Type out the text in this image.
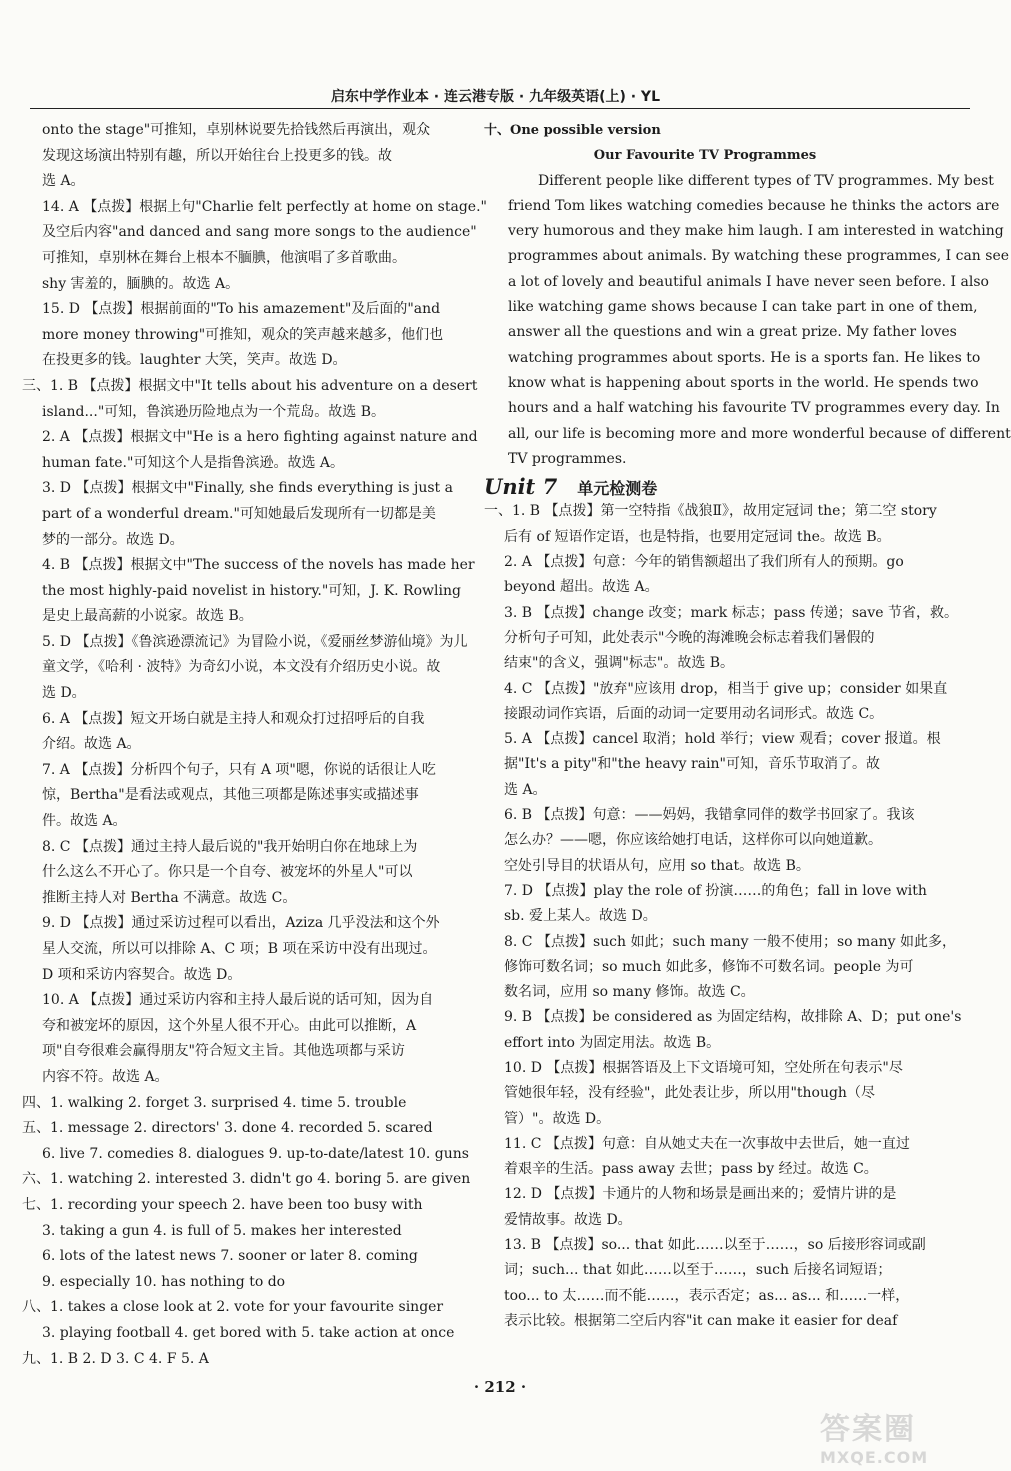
启东中学作业本 · 连云港专版 · 九年级英语(上) · YL
onto the stage"可推知，卓别林说要先拾钱然后再演出，观众
发现这场演出特别有趣，所以开始往台上投更多的钱。故
选 A。
14. A 【点拨】根据上句"Charlie felt perfectly at home on stage."
及空后内容"and danced and sang more songs to the audience"
可推知，卓别林在舞台上根本不腼腆，他演唱了多首歌曲。
shy 害羞的，腼腆的。故选 A。
15. D 【点拨】根据前面的"To his amazement"及后面的"and
more money throwing"可推知，观众的笑声越来越多，他们也
在投更多的钱。laughter 大笑，笑声。故选 D。
三、1. B 【点拨】根据文中"It tells about his adventure on a desert
island..."可知，鲁滨逊历险地点为一个荒岛。故选 B。
2. A 【点拨】根据文中"He is a hero fighting against nature and
human fate."可知这个人是指鲁滨逊。故选 A。
3. D 【点拨】根据文中"Finally, she finds everything is just a
part of a wonderful dream."可知她最后发现所有一切都是美
梦的一部分。故选 D。
4. B 【点拨】根据文中"The success of the novels has made her
the most highly-paid novelist in history."可知，J. K. Rowling
是史上最高薪的小说家。故选 B。
5. D 【点拨】《鲁滨逊漂流记》为冒险小说，《爱丽丝梦游仙境》为儿
童文学，《哈利 · 波特》为奇幻小说，本文没有介绍历史小说。故
选 D。
6. A 【点拨】短文开场白就是主持人和观众打过招呼后的自我
介绍。故选 A。
7. A 【点拨】分析四个句子，只有 A 项"嗯，你说的话很让人吃
惊，Bertha"是看法或观点，其他三项都是陈述事实或描述事
件。故选 A。
8. C 【点拨】通过主持人最后说的"我开始明白你在地球上为
什么这么不开心了。你只是一个自夸、被宠坏的外星人"可以
推断主持人对 Bertha 不满意。故选 C。
9. D 【点拨】通过采访过程可以看出，Aziza 几乎没法和这个外
星人交流，所以可以排除 A、C 项；B 项在采访中没有出现过。
D 项和采访内容契合。故选 D。
10. A 【点拨】通过采访内容和主持人最后说的话可知，因为自
夸和被宠坏的原因，这个外星人很不开心。由此可以推断，A
项"自夸很难会赢得朋友"符合短文主旨。其他选项都与采访
内容不符。故选 A。
四、1. walking 2. forget 3. surprised 4. time 5. trouble
五、1. message 2. directors' 3. done 4. recorded 5. scared
6. live 7. comedies 8. dialogues 9. up-to-date/latest 10. guns
六、1. watching 2. interested 3. didn't go 4. boring 5. are given
七、1. recording your speech 2. have been too busy with
3. taking a gun 4. is full of 5. makes her interested
6. lots of the latest news 7. sooner or later 8. coming
9. especially 10. has nothing to do
八、1. takes a close look at 2. vote for your favourite singer
3. playing football 4. get bored with 5. take action at once
九、1. B 2. D 3. C 4. F 5. A
十、One possible version
Our Favourite TV Programmes
Different people like different types of TV programmes. My best
friend Tom likes watching comedies because he thinks the actors are
very humorous and they make him laugh. I am interested in watching
programmes about animals. By watching these programmes, I can see
a lot of lovely and beautiful animals I have never seen before. I also
like watching game shows because I can take part in one of them,
answer all the questions and win a great prize. My father loves
watching programmes about sports. He is a sports fan. He likes to
know what is happening about sports in the world. He spends two
hours and a half watching his favourite TV programmes every day. In
all, our life is becoming more and more wonderful because of different
TV programmes.
Unit 7 单元检测卷
一、1. B 【点拨】第一空特指《战狼Ⅱ》，故用定冠词 the；第二空 story
后有 of 短语作定语，也是特指，也要用定冠词 the。故选 B。
2. A 【点拨】句意：今年的销售额超出了我们所有人的预期。go
beyond 超出。故选 A。
3. B 【点拨】change 改变；mark 标志；pass 传递；save 节省，救。
分析句子可知，此处表示"今晚的海滩晚会标志着我们暑假的
结束"的含义，强调"标志"。故选 B。
4. C 【点拨】"放弃"应该用 drop，相当于 give up；consider 如果直
接跟动词作宾语，后面的动词一定要用动名词形式。故选 C。
5. A 【点拨】cancel 取消；hold 举行；view 观看；cover 报道。根
据"It's a pity"和"the heavy rain"可知，音乐节取消了。故
选 A。
6. B 【点拨】句意：——妈妈，我错拿同伴的数学书回家了。我该
怎么办？——嗯，你应该给她打电话，这样你可以向她道歉。
空处引导目的状语从句，应用 so that。故选 B。
7. D 【点拨】play the role of 扮演……的角色；fall in love with
sb. 爱上某人。故选 D。
8. C 【点拨】such 如此；such many 一般不使用；so many 如此多，
修饰可数名词；so much 如此多，修饰不可数名词。people 为可
数名词，应用 so many 修饰。故选 C。
9. B 【点拨】be considered as 为固定结构，故排除 A、D；put one's
effort into 为固定用法。故选 B。
10. D 【点拨】根据答语及上下文语境可知，空处所在句表示"尽
管她很年轻，没有经验"，此处表让步，所以用"though（尽
管）"。故选 D。
11. C 【点拨】句意：自从她丈夫在一次事故中去世后，她一直过
着艰辛的生活。pass away 去世；pass by 经过。故选 C。
12. D 【点拨】卡通片的人物和场景是画出来的；爱情片讲的是
爱情故事。故选 D。
13. B 【点拨】so... that 如此……以至于……，so 后接形容词或副
词；such... that 如此……以至于……，such 后接名词短语；
too... to 太……而不能……，表示否定；as... as... 和……一样，
表示比较。根据第二空后内容"it can make it easier for deaf
· 212 ·
答案圈
MXQE.COM
